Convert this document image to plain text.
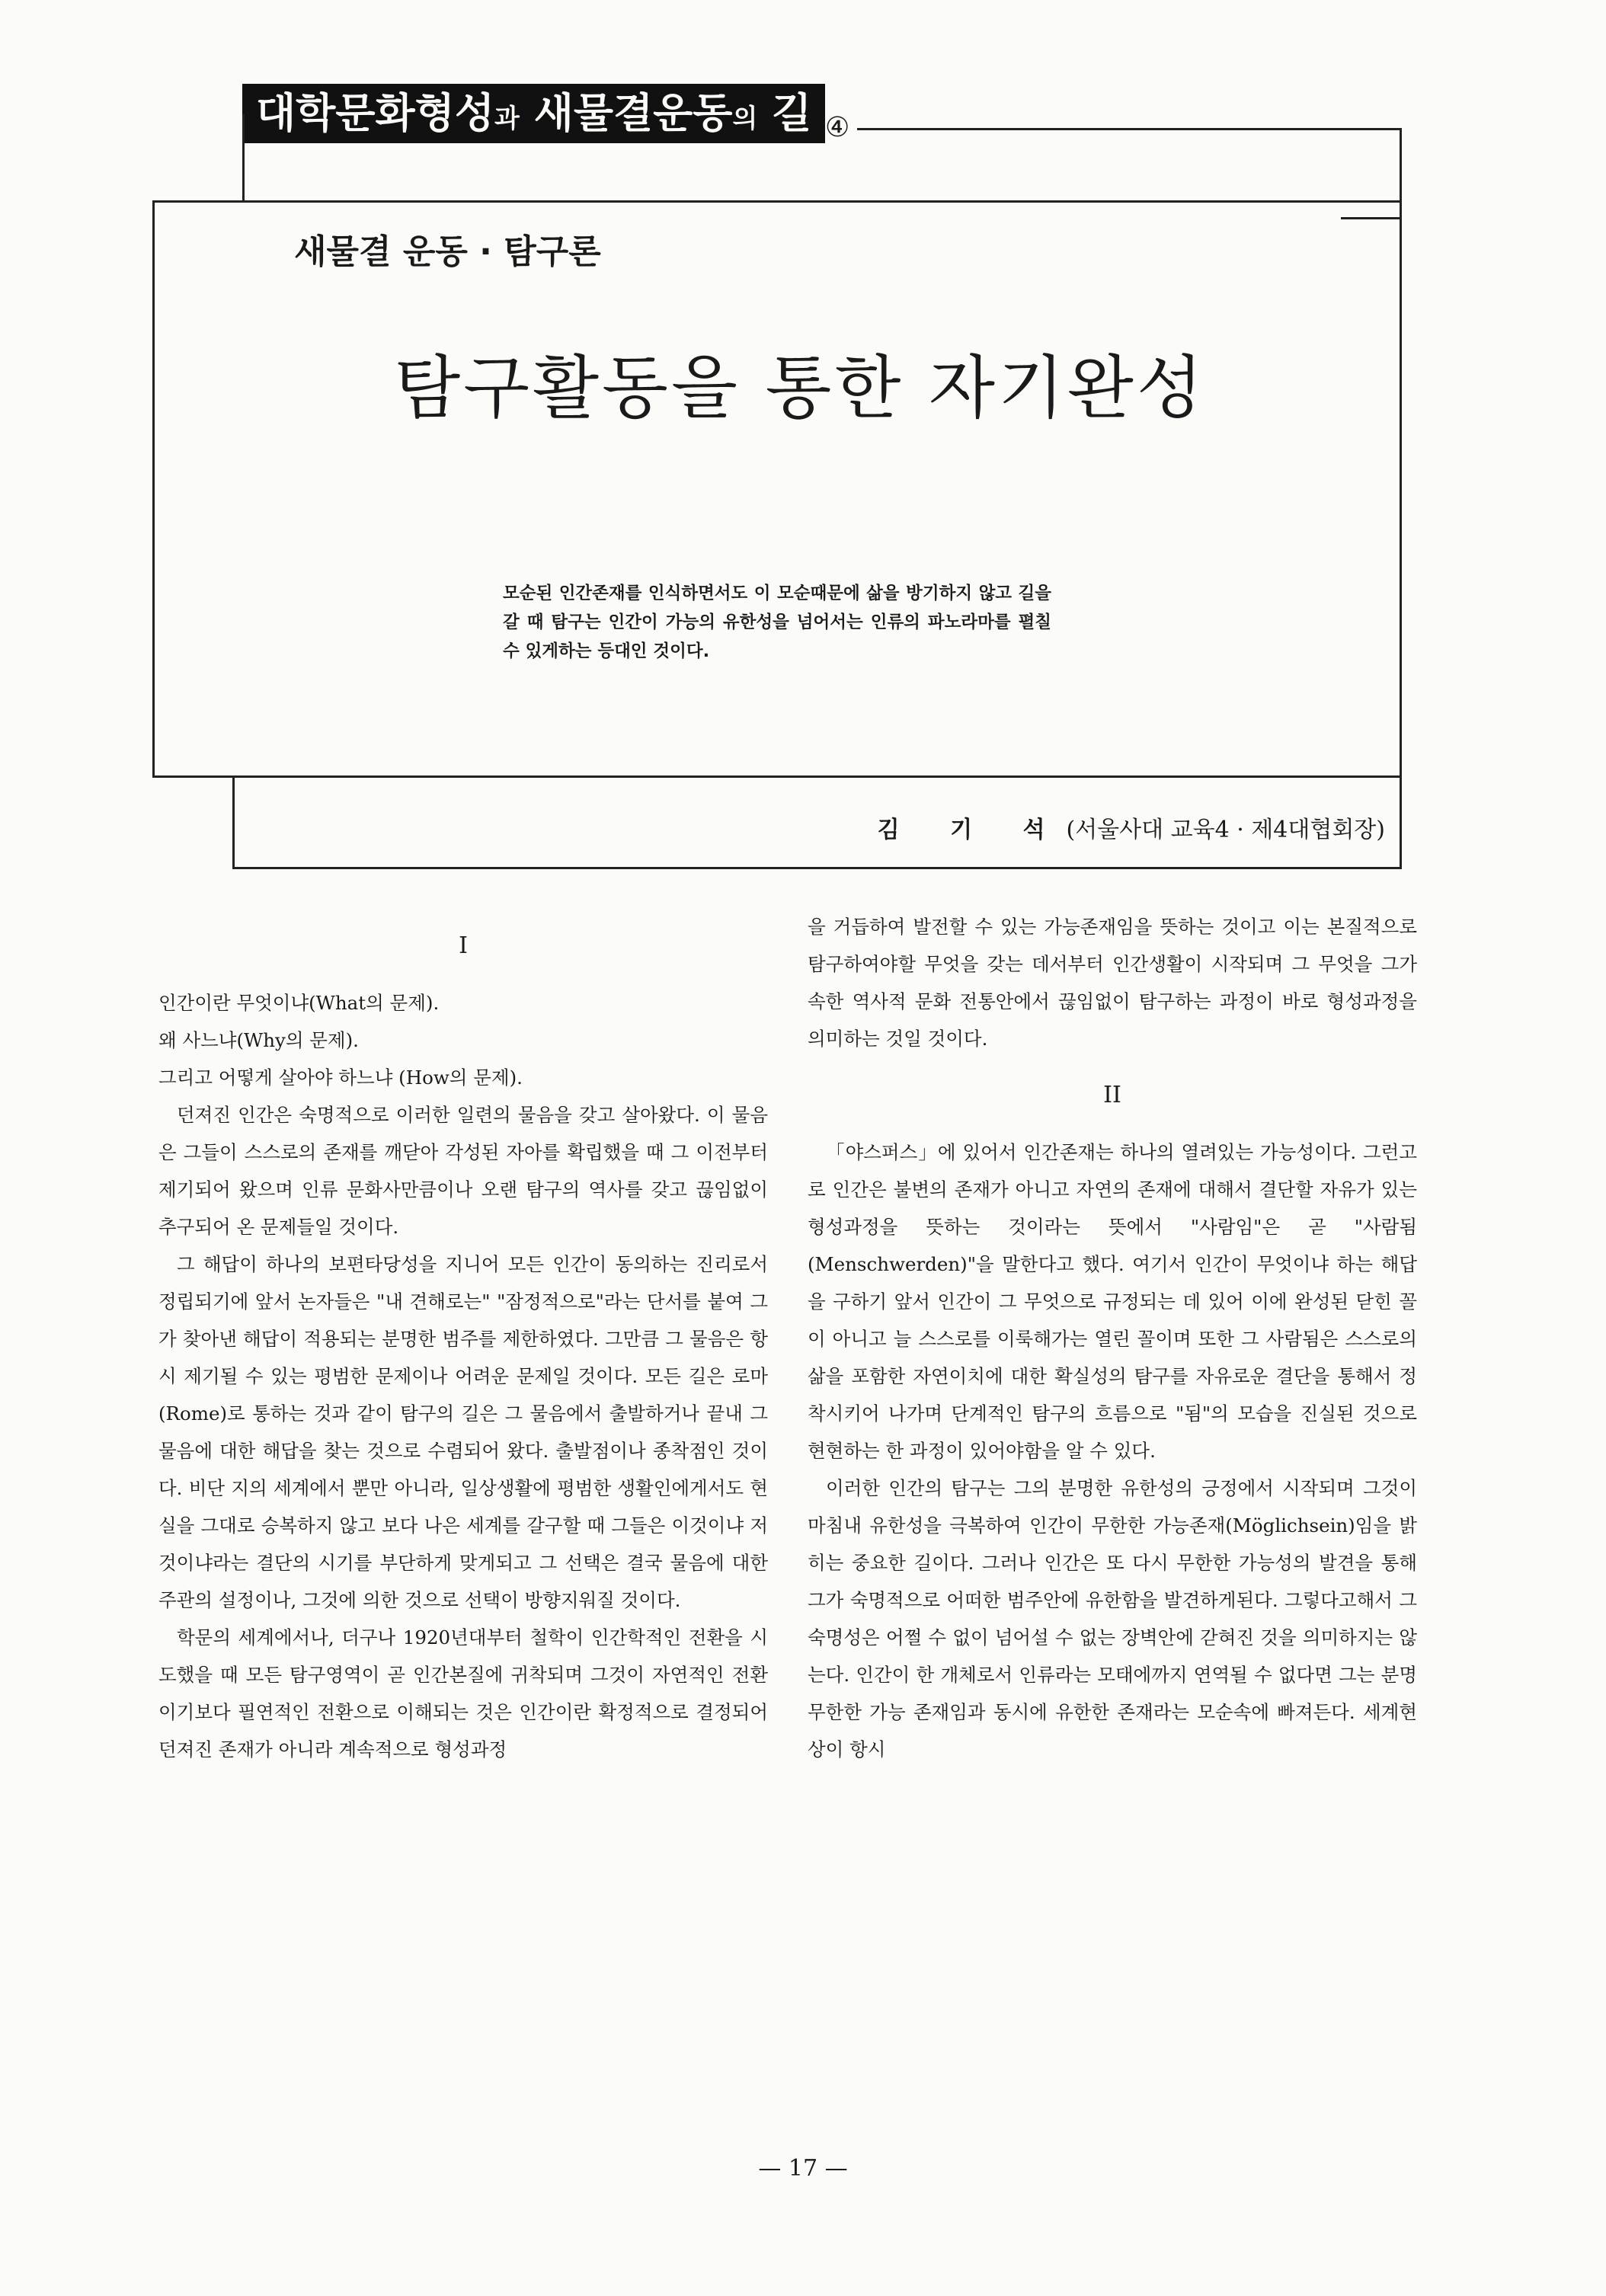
대학문화형성과 새물결운동의 길 ④
새물결 운동 · 탐구론
탐구활동을 통한 자기완성
모순된 인간존재를 인식하면서도 이 모순때문에 삶을 방기하지 않고 길을 갈 때 탐구는 인간이 가능의 유한성을 넘어서는 인류의 파노라마를 펼칠 수 있게하는 등대인 것이다.
김 기 석(서울사대 교육4 · 제4대협회장)
I

인간이란 무엇이냐(What의 문제).

왜 사느냐(Why의 문제).

그리고 어떻게 살아야 하느냐 (How의 문제).

던져진 인간은 숙명적으로 이러한 일련의 물음을 갖고 살아왔다. 이 물음은 그들이 스스로의 존재를 깨닫아 각성된 자아를 확립했을 때 그 이전부터 제기되어 왔으며 인류 문화사만큼이나 오랜 탐구의 역사를 갖고 끊임없이 추구되어 온 문제들일 것이다.

그 해답이 하나의 보편타당성을 지니어 모든 인간이 동의하는 진리로서 정립되기에 앞서 논자들은 "내 견해로는" "잠정적으로"라는 단서를 붙여 그가 찾아낸 해답이 적용되는 분명한 범주를 제한하였다. 그만큼 그 물음은 항시 제기될 수 있는 평범한 문제이나 어려운 문제일 것이다. 모든 길은 로마(Rome)로 통하는 것과 같이 탐구의 길은 그 물음에서 출발하거나 끝내 그물음에 대한 해답을 찾는 것으로 수렴되어 왔다. 출발점이나 종착점인 것이다. 비단 지의 세계에서 뿐만 아니라, 일상생활에 평범한 생활인에게서도 현실을 그대로 승복하지 않고 보다 나은 세계를 갈구할 때 그들은 이것이냐 저것이냐라는 결단의 시기를 부단하게 맞게되고 그 선택은 결국 물음에 대한 주관의 설정이나, 그것에 의한 것으로 선택이 방향지워질 것이다.

학문의 세계에서나, 더구나 1920년대부터 철학이 인간학적인 전환을 시도했을 때 모든 탐구영역이 곧 인간본질에 귀착되며 그것이 자연적인 전환이기보다 필연적인 전환으로 이해되는 것은 인간이란 확정적으로 결정되어 던져진 존재가 아니라 계속적으로 형성과정

을 거듭하여 발전할 수 있는 가능존재임을 뜻하는 것이고 이는 본질적으로 탐구하여야할 무엇을 갖는 데서부터 인간생활이 시작되며 그 무엇을 그가 속한 역사적 문화 전통안에서 끊임없이 탐구하는 과정이 바로 형성과정을 의미하는 것일 것이다.

II

「야스퍼스」에 있어서 인간존재는 하나의 열려있는 가능성이다. 그런고로 인간은 불변의 존재가 아니고 자연의 존재에 대해서 결단할 자유가 있는 형성과정을 뜻하는 것이라는 뜻에서 "사람임"은 곧 "사람됨(Menschwerden)"을 말한다고 했다. 여기서 인간이 무엇이냐 하는 해답을 구하기 앞서 인간이 그 무엇으로 규정되는 데 있어 이에 완성된 닫힌 꼴이 아니고 늘 스스로를 이룩해가는 열린 꼴이며 또한 그 사람됨은 스스로의 삶을 포함한 자연이치에 대한 확실성의 탐구를 자유로운 결단을 통해서 정착시키어 나가며 단계적인 탐구의 흐름으로 "됨"의 모습을 진실된 것으로 현현하는 한 과정이 있어야함을 알 수 있다.

이러한 인간의 탐구는 그의 분명한 유한성의 긍정에서 시작되며 그것이 마침내 유한성을 극복하여 인간이 무한한 가능존재(Möglichsein)임을 밝히는 중요한 길이다. 그러나 인간은 또 다시 무한한 가능성의 발견을 통해 그가 숙명적으로 어떠한 범주안에 유한함을 발견하게된다. 그렇다고해서 그 숙명성은 어쩔 수 없이 넘어설 수 없는 장벽안에 갇혀진 것을 의미하지는 않는다. 인간이 한 개체로서 인류라는 모태에까지 연역될 수 없다면 그는 분명 무한한 가능 존재임과 동시에 유한한 존재라는 모순속에 빠져든다. 세계현상이 항시

— 17 —
